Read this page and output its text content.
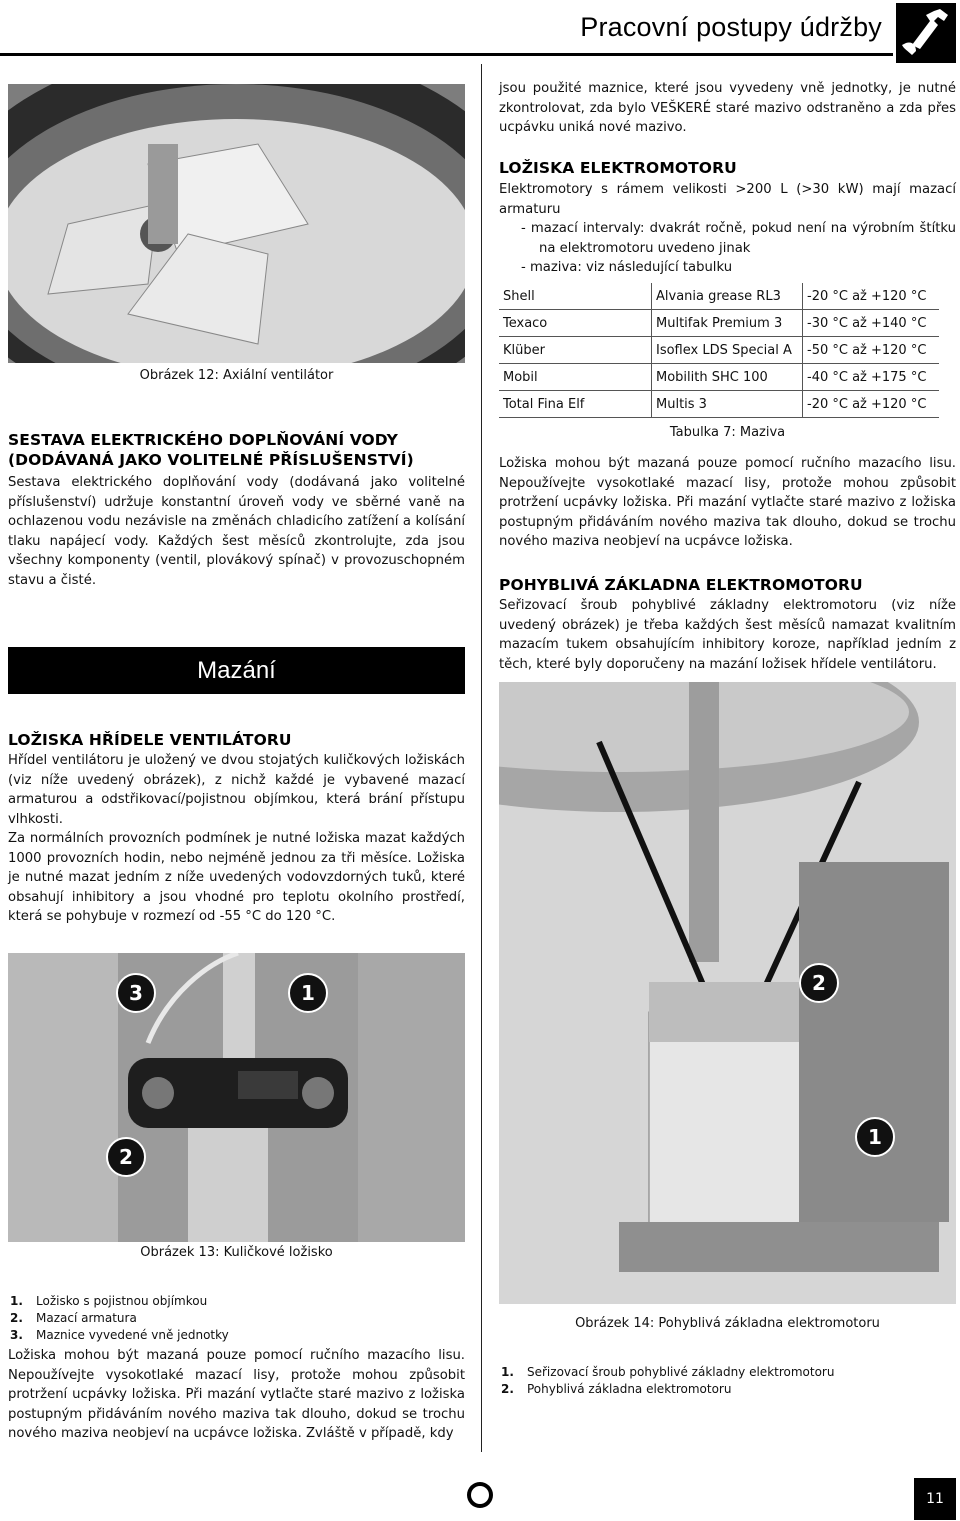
Pracovní postupy údržby
Obrázek 12: Axiální ventilátor
SESTAVA ELEKTRICKÉHO DOPLŇOVÁNÍ VODY
(DODÁVANÁ JAKO VOLITELNÉ PŘÍSLUŠENSTVÍ)
Sestava elektrického doplňování vody (dodávaná jako volitelné příslušenství) udržuje konstantní úroveň vody ve sběrné vaně na ochlazenou vodu nezávisle na změnách chladicího zatížení a kolísání tlaku napájecí vody. Každých šest měsíců zkontrolujte, zda jsou všechny komponenty (ventil, plovákový spínač) v provozuschopném stavu a čisté.
Mazání
LOŽISKA HŘÍDELE VENTILÁTORU
Hřídel ventilátoru je uložený ve dvou stojatých kuličkových ložiskách (viz níže uvedený obrázek), z nichž každé je vybavené mazací armaturou a odstřikovací/pojistnou objímkou, která brání přístupu vlhkosti.
Za normálních provozních podmínek je nutné ložiska mazat každých 1000 provozních hodin, nebo nejméně jednou za tři měsíce. Ložiska je nutné mazat jedním z níže uvedených vodovzdorných tuků, které obsahují inhibitory a jsou vhodné pro teplotu okolního prostředí, která se pohybuje v rozmezí od -55 °C do 120 °C.
3	1
2
Obrázek 13: Kuličkové ložisko
1. Ložisko s pojistnou objímkou
2. Mazací armatura
3. Maznice vyvedené vně jednotky
Ložiska mohou být mazaná pouze pomocí ručního mazacího lisu. Nepoužívejte vysokotlaké mazací lisy, protože mohou způsobit protržení ucpávky ložiska. Při mazání vytlačte staré mazivo z ložiska postupným přidáváním nového maziva tak dlouho, dokud se trochu nového maziva neobjeví na ucpávce ložiska. Zvláště v případě, kdy
jsou použité maznice, které jsou vyvedeny vně jednotky, je nutné zkontrolovat, zda bylo VEŠKERÉ staré mazivo odstraněno a zda přes ucpávku uniká nové mazivo.
LOŽISKA ELEKTROMOTORU
Elektromotory s rámem velikosti >200 L (>30 kW) mají mazací armaturu
- mazací intervaly: dvakrát ročně, pokud není na výrobním štítku na elektromotoru uvedeno jinak
- maziva: viz následující tabulku
Shell	Alvania grease RL3	-20 °C až +120 °C
Texaco	Multifak Premium 3	-30 °C až +140 °C
Klüber	Isoflex LDS Special A	-50 °C až +120 °C
Mobil	Mobilith SHC 100	-40 °C až +175 °C
Total Fina Elf	Multis 3	-20 °C až +120 °C
Tabulka 7: Maziva
Ložiska mohou být mazaná pouze pomocí ručního mazacího lisu. Nepoužívejte vysokotlaké mazací lisy, protože mohou způsobit protržení ucpávky ložiska. Při mazání vytlačte staré mazivo z ložiska postupným přidáváním nového maziva tak dlouho, dokud se trochu nového maziva neobjeví na ucpávce ložiska.
POHYBLIVÁ ZÁKLADNA ELEKTROMOTORU
Seřizovací šroub pohyblivé základny elektromotoru (viz níže uvedený obrázek) je třeba každých šest měsíců namazat kvalitním mazacím tukem obsahujícím inhibitory koroze, například jedním z těch, které byly doporučeny na mazání ložisek hřídele ventilátoru.
2
1
Obrázek 14: Pohyblivá základna elektromotoru
1. Seřizovací šroub pohyblivé základny elektromotoru
2. Pohyblivá základna elektromotoru
11
